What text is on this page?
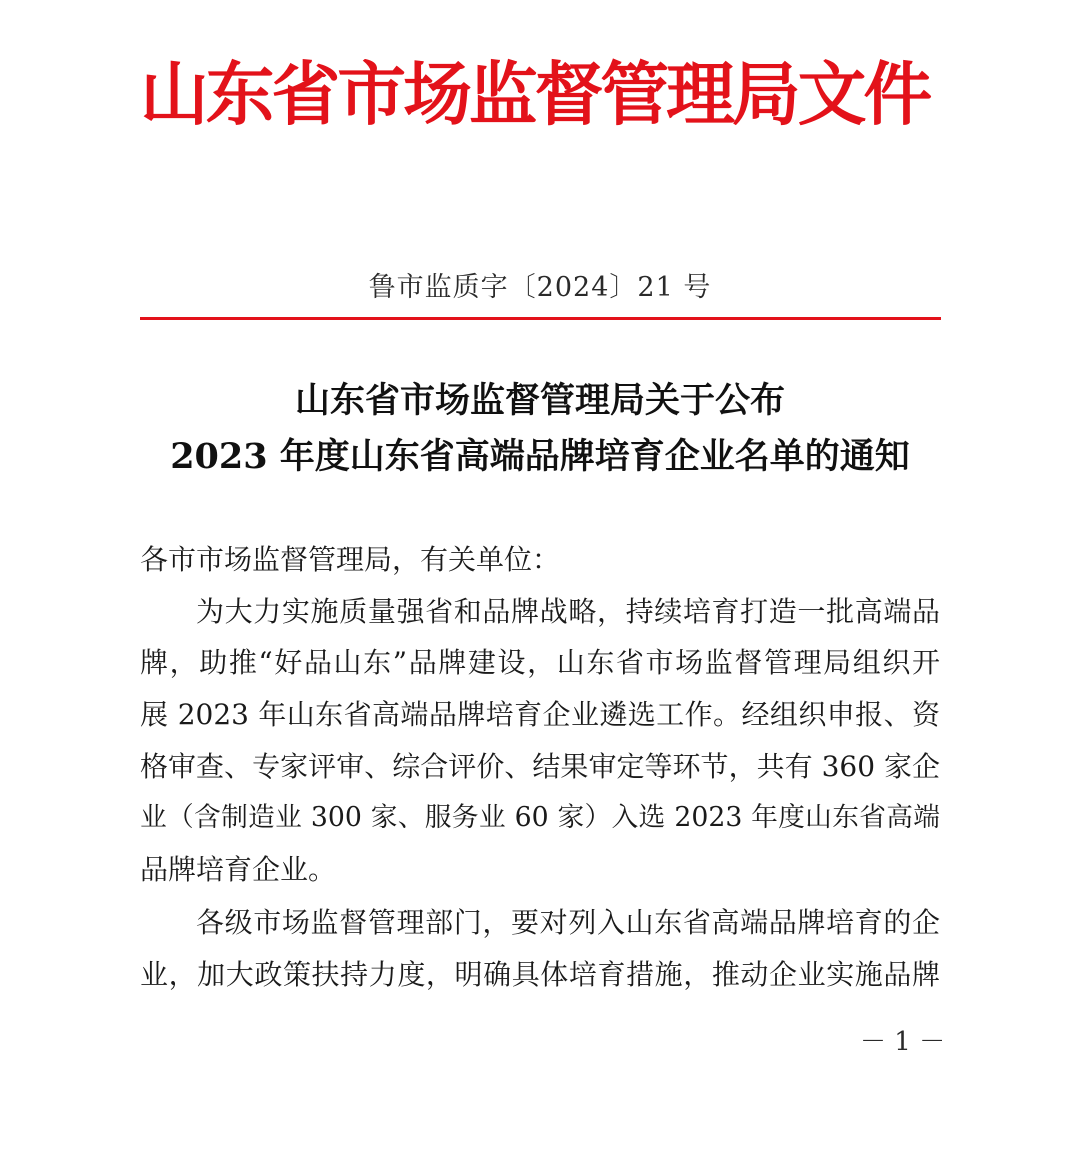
山东省市场监督管理局文件
鲁市监质字〔2024〕21 号
山东省市场监督管理局关于公布
2023 年度山东省高端品牌培育企业名单的通知
各市市场监督管理局，有关单位：
为大力实施质量强省和品牌战略，持续培育打造一批高端品
牌，助推“好品山东”品牌建设，山东省市场监督管理局组织开
展 2023 年山东省高端品牌培育企业遴选工作。经组织申报、资
格审查、专家评审、综合评价、结果审定等环节，共有 360 家企
业（含制造业 300 家、服务业 60 家）入选 2023 年度山东省高端
品牌培育企业。
各级市场监督管理部门，要对列入山东省高端品牌培育的企
业，加大政策扶持力度，明确具体培育措施，推动企业实施品牌
－ 1 －
